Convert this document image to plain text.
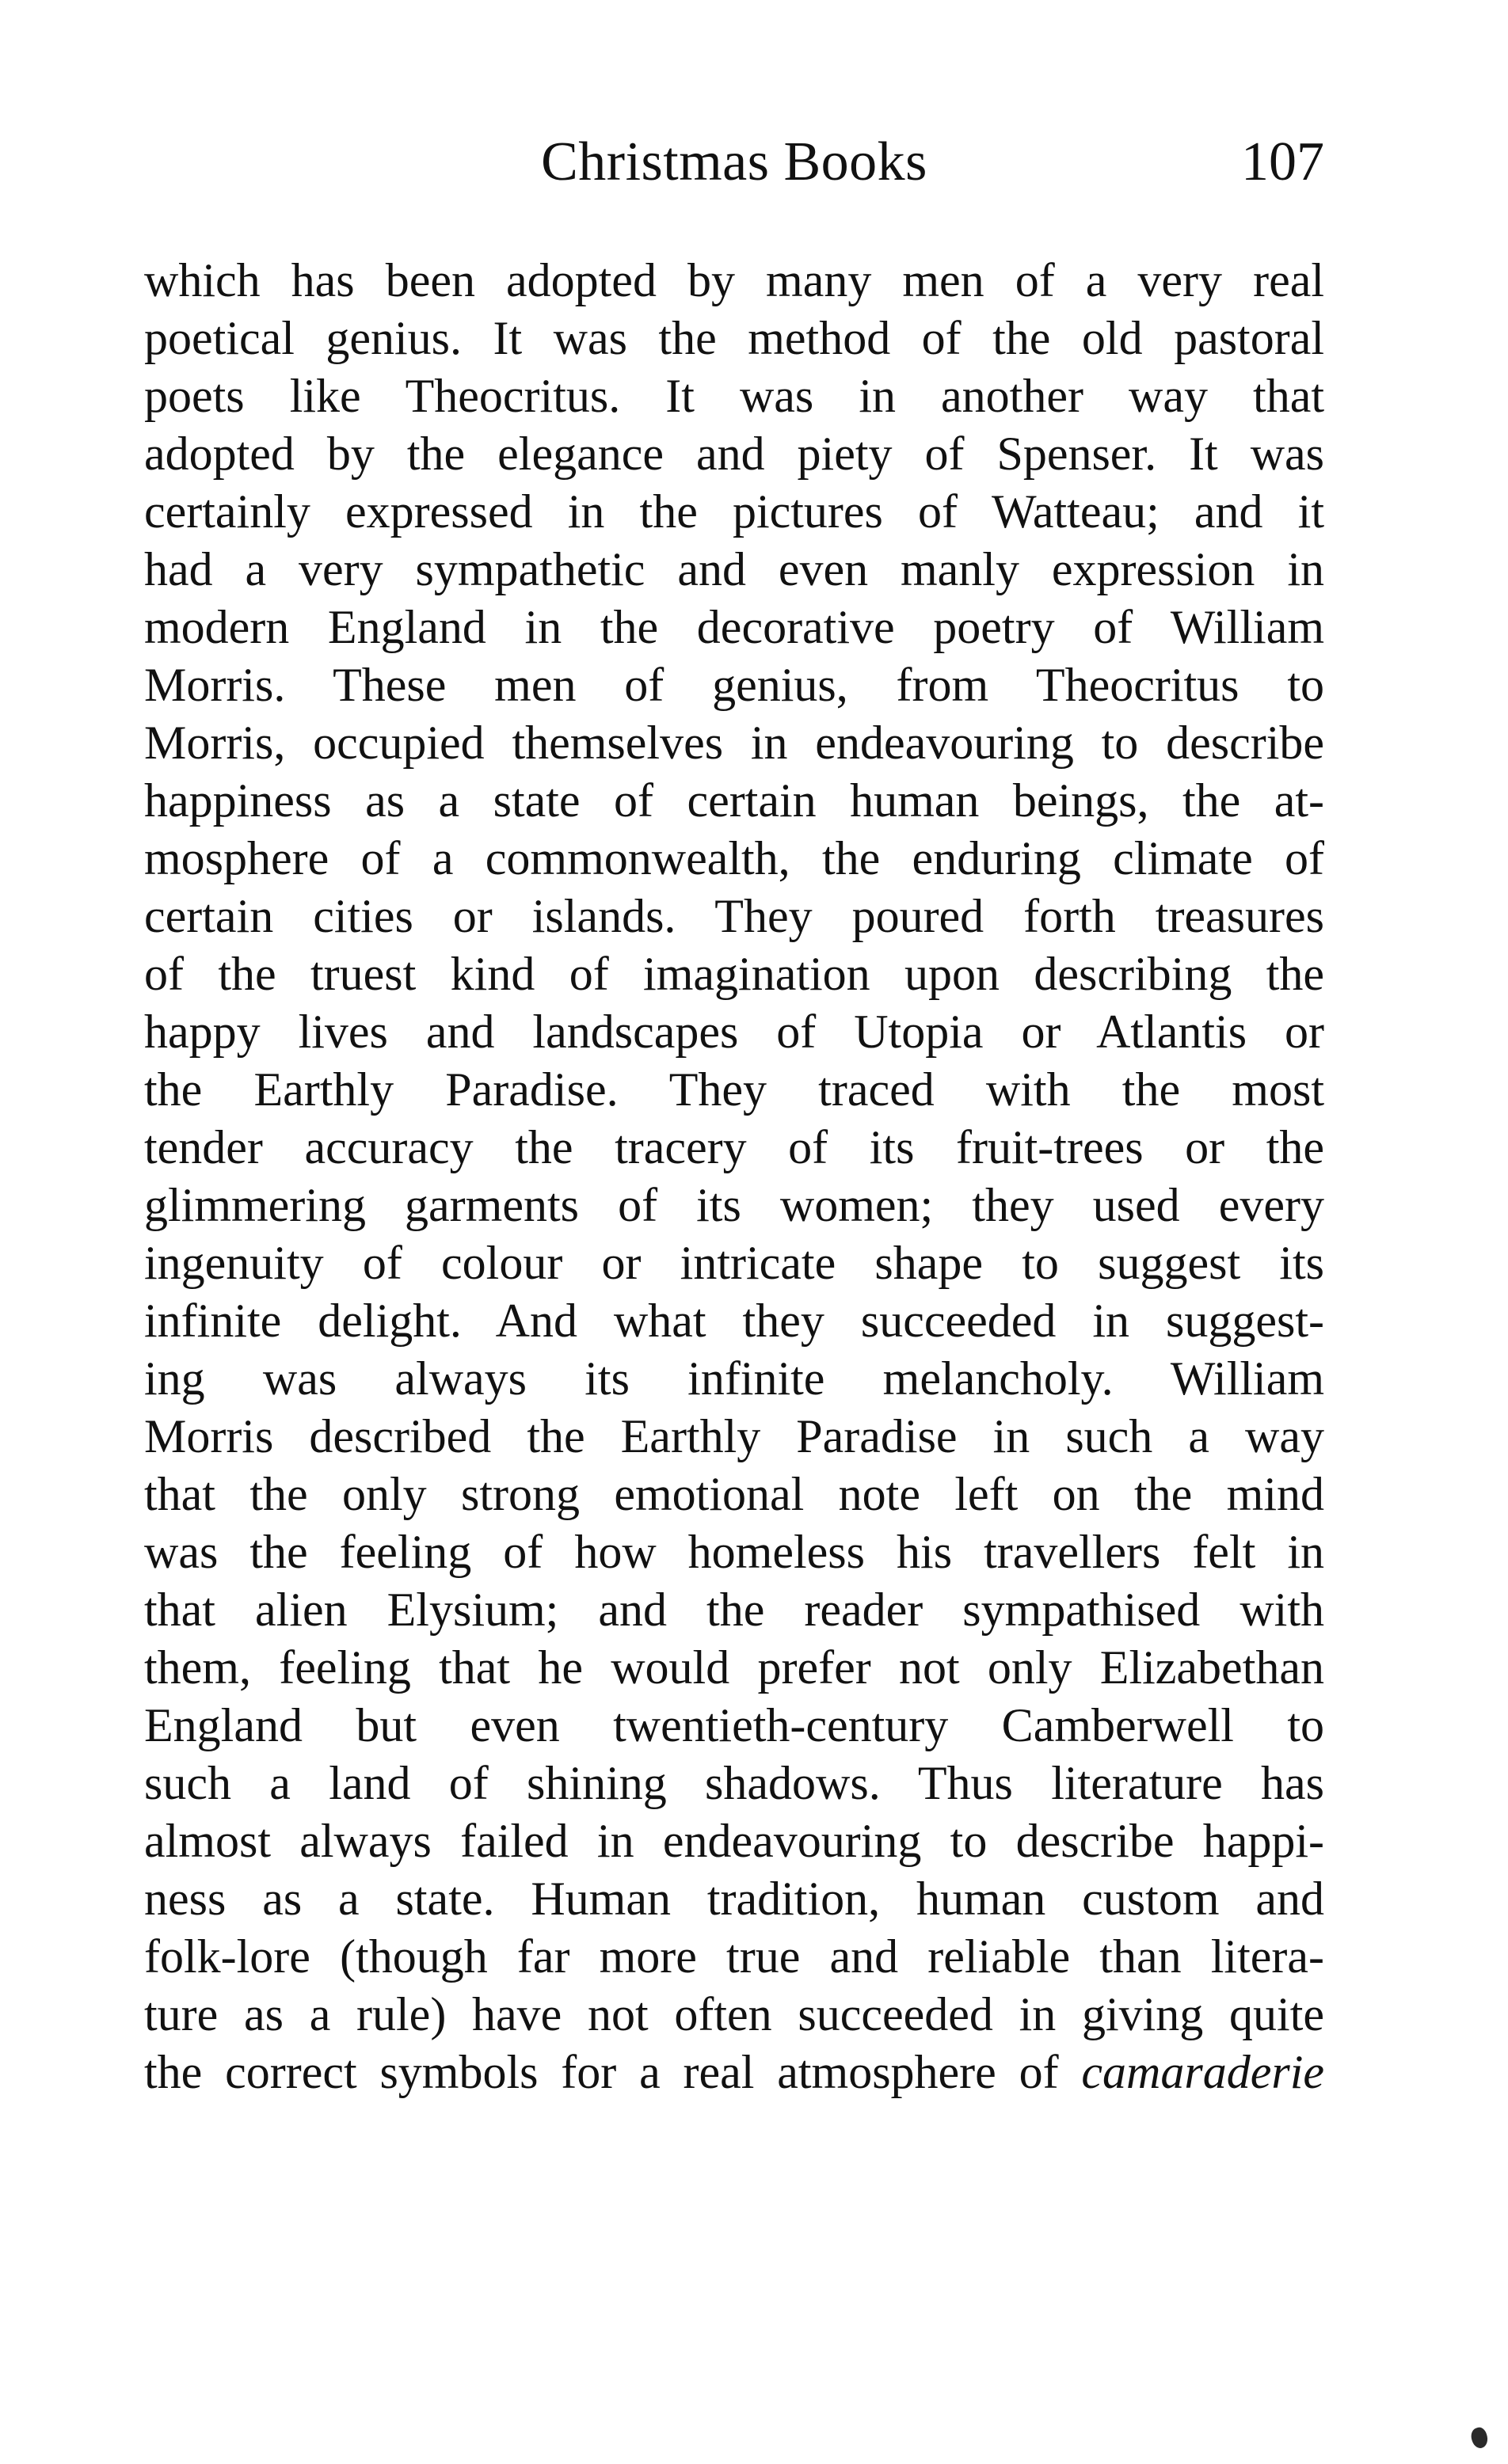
Christmas Books	107
which has been adopted by many men of a very real
poetical genius. It was the method of the old pastoral
poets like Theocritus. It was in another way that
adopted by the elegance and piety of Spenser. It was
certainly expressed in the pictures of Watteau; and it
had a very sympathetic and even manly expression in
modern England in the decorative poetry of William
Morris. These men of genius, from Theocritus to
Morris, occupied themselves in endeavouring to describe
happiness as a state of certain human beings, the at-
mosphere of a commonwealth, the enduring climate of
certain cities or islands. They poured forth treasures
of the truest kind of imagination upon describing the
happy lives and landscapes of Utopia or Atlantis or
the Earthly Paradise. They traced with the most
tender accuracy the tracery of its fruit-trees or the
glimmering garments of its women; they used every
ingenuity of colour or intricate shape to suggest its
infinite delight. And what they succeeded in suggest-
ing was always its infinite melancholy. William
Morris described the Earthly Paradise in such a way
that the only strong emotional note left on the mind
was the feeling of how homeless his travellers felt in
that alien Elysium; and the reader sympathised with
them, feeling that he would prefer not only Elizabethan
England but even twentieth-century Camberwell to
such a land of shining shadows. Thus literature has
almost always failed in endeavouring to describe happi-
ness as a state. Human tradition, human custom and
folk-lore (though far more true and reliable than litera-
ture as a rule) have not often succeeded in giving quite
the correct symbols for a real atmosphere of camaraderie
